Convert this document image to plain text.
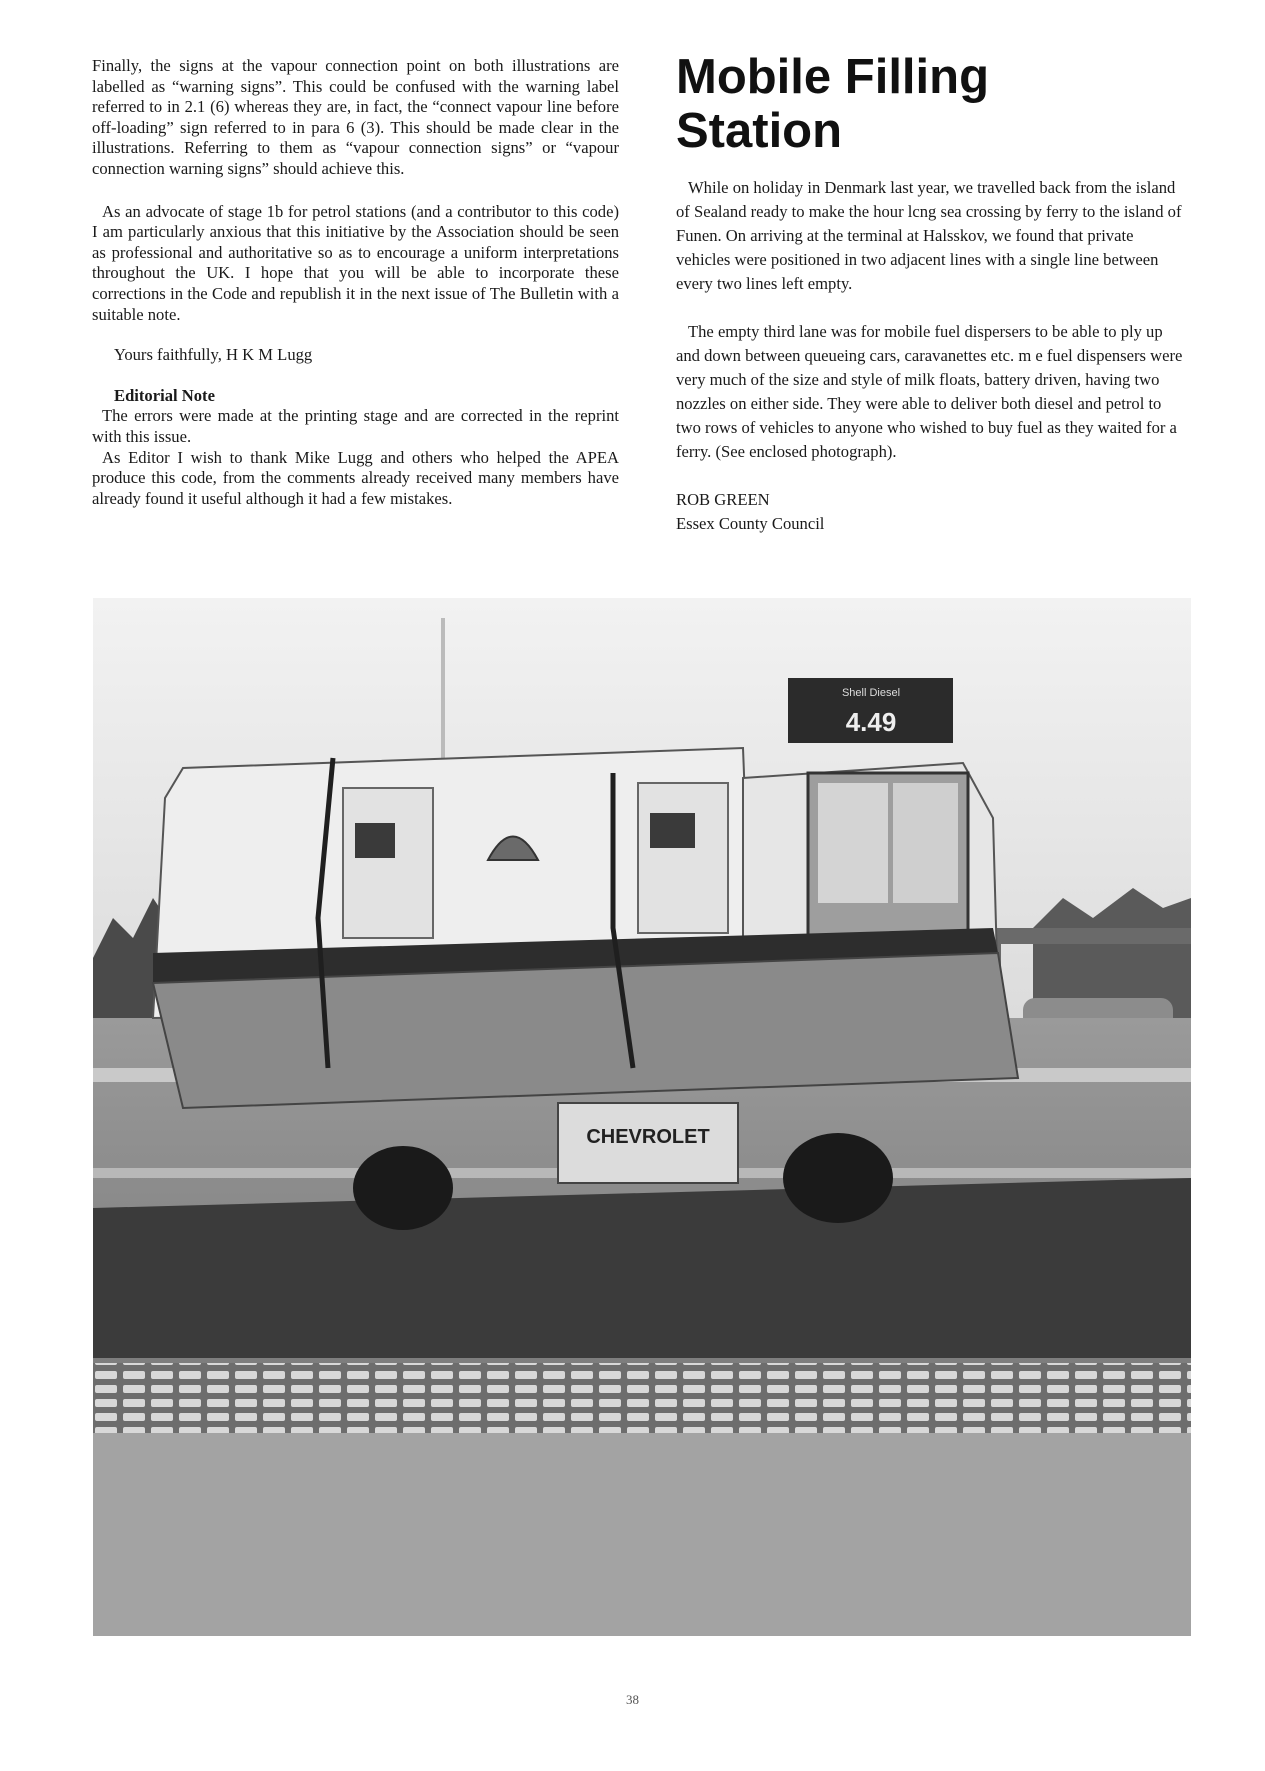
Finally, the signs at the vapour connection point on both illustrations are labelled as “warning signs”. This could be confused with the warning label referred to in 2.1 (6) whereas they are, in fact, the “connect vapour line before off-loading” sign referred to in para 6 (3). This should be made clear in the illustrations. Referring to them as “vapour connection signs” or “vapour connection warning signs” should achieve this.

As an advocate of stage 1b for petrol stations (and a contributor to this code) I am particularly anxious that this initiative by the Association should be seen as professional and authoritative so as to encourage a uniform interpretations throughout the UK. I hope that you will be able to incorporate these corrections in the Code and republish it in the next issue of The Bulletin with a suitable note.

Yours faithfully, H K M Lugg

Editorial Note

The errors were made at the printing stage and are corrected in the reprint with this issue.

As Editor I wish to thank Mike Lugg and others who helped the APEA produce this code, from the comments already received many members have already found it useful although it had a few mistakes.

Mobile Filling
Station

While on holiday in Denmark last year, we travelled back from the island of Sealand ready to make the hour lcng sea crossing by ferry to the island of Funen. On arriving at the terminal at Halsskov, we found that private vehicles were positioned in two adjacent lines with a single line between every two lines left empty.

The empty third lane was for mobile fuel dispersers to be able to ply up and down between queueing cars, caravanettes etc. m e fuel dispensers were very much of the size and style of milk floats, battery driven, having two nozzles on either side. They were able to deliver both diesel and petrol to two rows of vehicles to anyone who wished to buy fuel as they waited for a ferry. (See enclosed photograph).

ROB GREEN
Essex County Council
Shell Diesel
4.49
CHEVROLET
38
